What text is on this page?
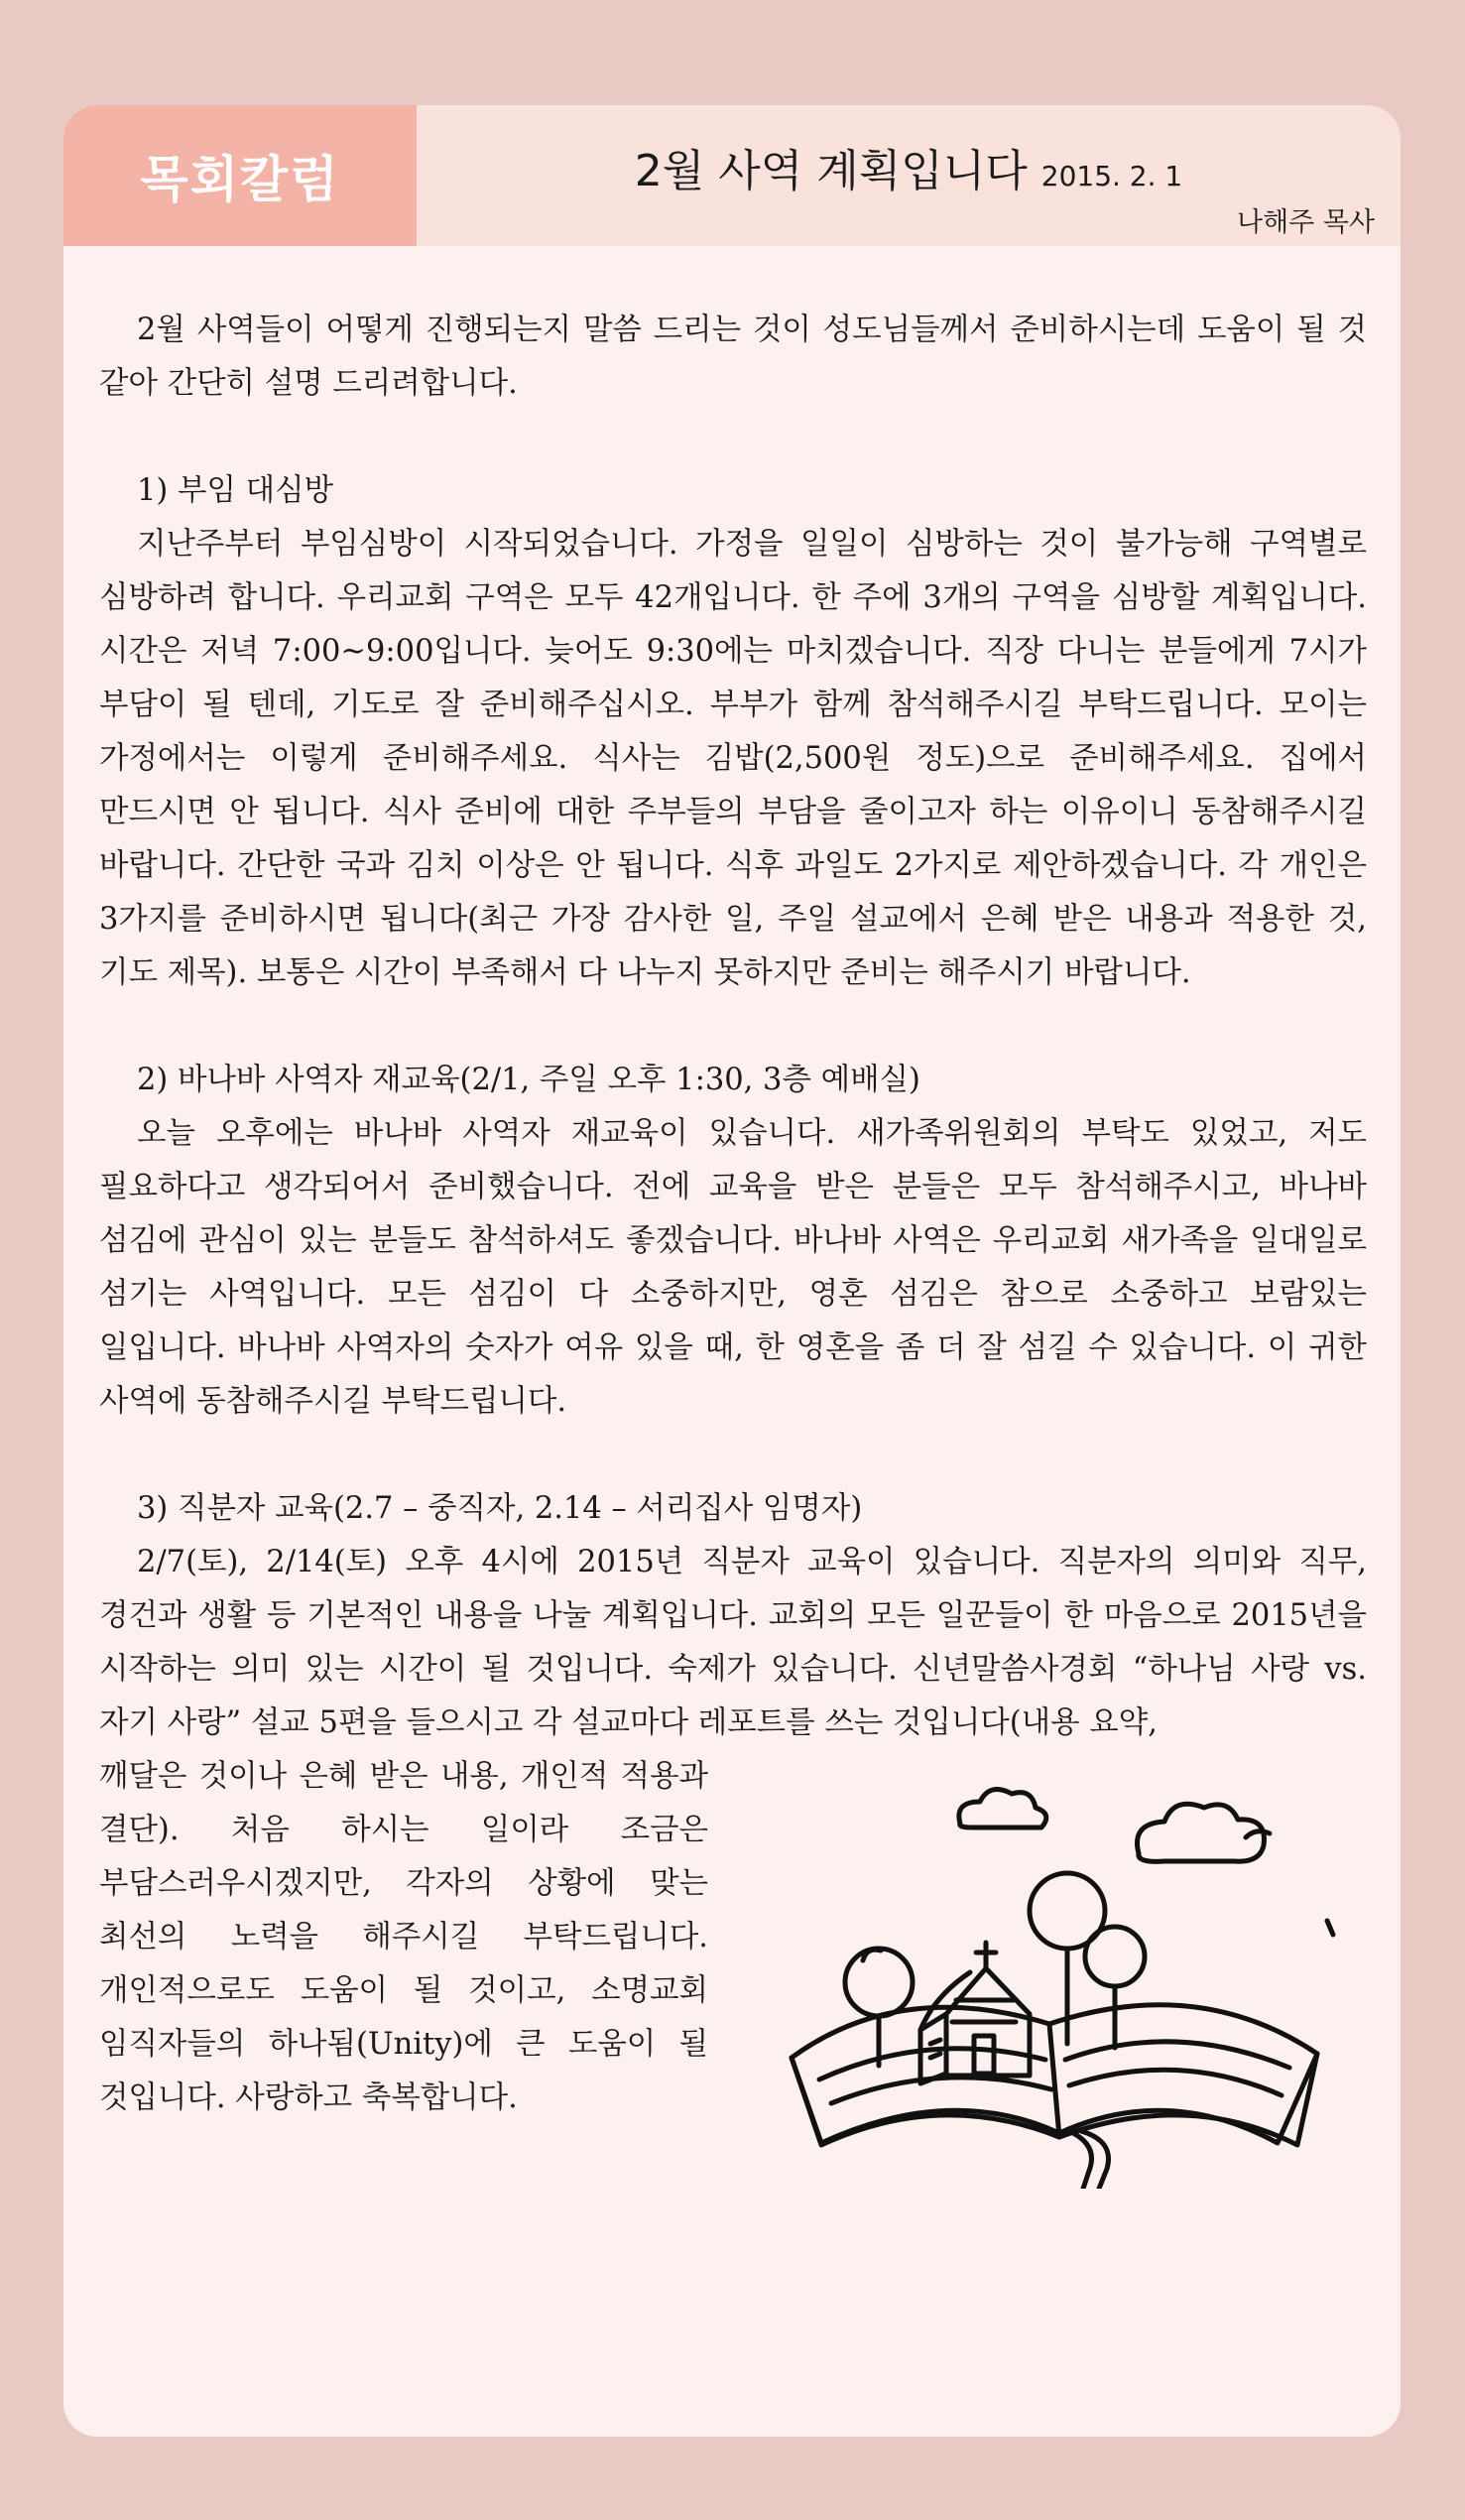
목회칼럼	2월 사역 계획입니다 2015. 2. 1
나해주 목사

2월 사역들이 어떻게 진행되는지 말씀 드리는 것이 성도님들께서 준비하시는데 도움이 될 것 같아 간단히 설명 드리려합니다.

1) 부임 대심방

지난주부터 부임심방이 시작되었습니다. 가정을 일일이 심방하는 것이 불가능해 구역별로 심방하려 합니다. 우리교회 구역은 모두 42개입니다. 한 주에 3개의 구역을 심방할 계획입니다. 시간은 저녁 7:00~9:00입니다. 늦어도 9:30에는 마치겠습니다. 직장 다니는 분들에게 7시가 부담이 될 텐데, 기도로 잘 준비해주십시오. 부부가 함께 참석해주시길 부탁드립니다. 모이는 가정에서는 이렇게 준비해주세요. 식사는 김밥(2,500원 정도)으로 준비해주세요. 집에서 만드시면 안 됩니다. 식사 준비에 대한 주부들의 부담을 줄이고자 하는 이유이니 동참해주시길 바랍니다. 간단한 국과 김치 이상은 안 됩니다. 식후 과일도 2가지로 제안하겠습니다. 각 개인은 3가지를 준비하시면 됩니다(최근 가장 감사한 일, 주일 설교에서 은혜 받은 내용과 적용한 것, 기도 제목). 보통은 시간이 부족해서 다 나누지 못하지만 준비는 해주시기 바랍니다.

2) 바나바 사역자 재교육(2/1, 주일 오후 1:30, 3층 예배실)

오늘 오후에는 바나바 사역자 재교육이 있습니다. 새가족위원회의 부탁도 있었고, 저도 필요하다고 생각되어서 준비했습니다. 전에 교육을 받은 분들은 모두 참석해주시고, 바나바 섬김에 관심이 있는 분들도 참석하셔도 좋겠습니다. 바나바 사역은 우리교회 새가족을 일대일로 섬기는 사역입니다. 모든 섬김이 다 소중하지만, 영혼 섬김은 참으로 소중하고 보람있는 일입니다. 바나바 사역자의 숫자가 여유 있을 때, 한 영혼을 좀 더 잘 섬길 수 있습니다. 이 귀한 사역에 동참해주시길 부탁드립니다.

3) 직분자 교육(2.7 – 중직자, 2.14 – 서리집사 임명자)

2/7(토), 2/14(토) 오후 4시에 2015년 직분자 교육이 있습니다. 직분자의 의미와 직무, 경건과 생활 등 기본적인 내용을 나눌 계획입니다. 교회의 모든 일꾼들이 한 마음으로 2015년을 시작하는 의미 있는 시간이 될 것입니다. 숙제가 있습니다. 신년말씀사경회 “하나님 사랑 vs. 자기 사랑” 설교 5편을 들으시고 각 설교마다 레포트를 쓰는 것입니다(내용 요약,

깨달은 것이나 은혜 받은 내용, 개인적 적용과 결단). 처음 하시는 일이라 조금은 부담스러우시겠지만, 각자의 상황에 맞는 최선의 노력을 해주시길 부탁드립니다. 개인적으로도 도움이 될 것이고, 소명교회 임직자들의 하나됨(Unity)에 큰 도움이 될 것입니다. 사랑하고 축복합니다.
